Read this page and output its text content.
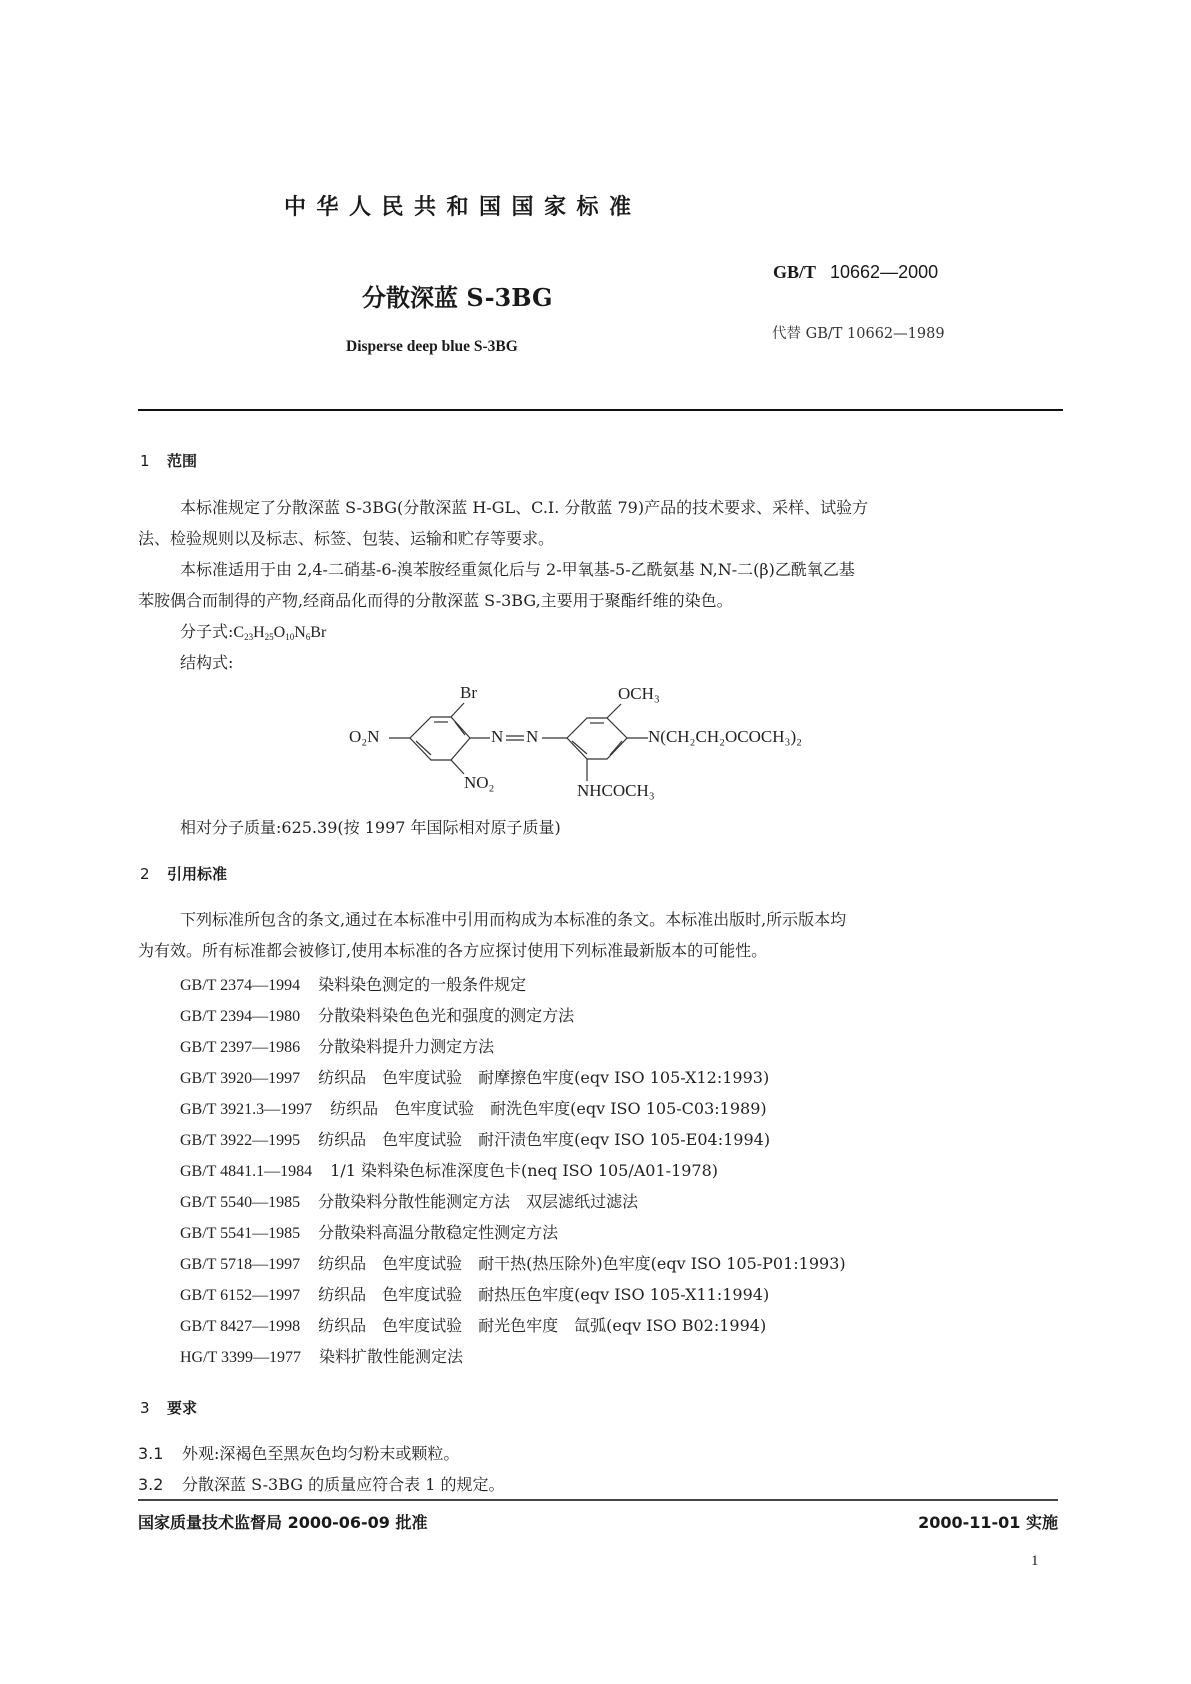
中华人民共和国国家标准
分散深蓝 S-3BG
Disperse deep blue S-3BG
GB/T 10662—2000
代替 GB/T 10662—1989
1 范围
本标准规定了分散深蓝 S-3BG(分散深蓝 H-GL、C.I. 分散蓝 79)产品的技术要求、采样、试验方
法、检验规则以及标志、标签、包装、运输和贮存等要求。
本标准适用于由 2,4-二硝基-6-溴苯胺经重氮化后与 2-甲氧基-5-乙酰氨基 N,N-二(β)乙酰氧乙基
苯胺偶合而制得的产物,经商品化而得的分散深蓝 S-3BG,主要用于聚酯纤维的染色。
分子式$:C_{23}H_{25}O_{10}N_6Br$
结构式:
O₂N
Br
NO₂
N N
OCH₃
NHCOCH₃
N(CH₂CH₂OCOCH₃)₂
相对分子质量:625.39(按 1997 年国际相对原子质量)
2 引用标准
下列标准所包含的条文,通过在本标准中引用而构成为本标准的条文。本标准出版时,所示版本均
为有效。所有标准都会被修订,使用本标准的各方应探讨使用下列标准最新版本的可能性。
GB/T 2374—1994 染料染色测定的一般条件规定
GB/T 2394—1980 分散染料染色色光和强度的测定方法
GB/T 2397—1986 分散染料提升力测定方法
GB/T 3920—1997 纺织品　色牢度试验　耐摩擦色牢度(eqv ISO 105-X12:1993)
GB/T 3921.3—1997 纺织品　色牢度试验　耐洗色牢度(eqv ISO 105-C03:1989)
GB/T 3922—1995 纺织品　色牢度试验　耐汗渍色牢度(eqv ISO 105-E04:1994)
GB/T 4841.1—1984 1/1 染料染色标准深度色卡(neq ISO 105/A01-1978)
GB/T 5540—1985 分散染料分散性能测定方法　双层滤纸过滤法
GB/T 5541—1985 分散染料高温分散稳定性测定方法
GB/T 5718—1997 纺织品　色牢度试验　耐干热(热压除外)色牢度(eqv ISO 105-P01:1993)
GB/T 6152—1997 纺织品　色牢度试验　耐热压色牢度(eqv ISO 105-X11:1994)
GB/T 8427—1998 纺织品　色牢度试验　耐光色牢度　氙弧(eqv ISO B02:1994)
HG/T 3399—1977 染料扩散性能测定法
3 要求
3.1 外观:深褐色至黑灰色均匀粉末或颗粒。
3.2 分散深蓝 S-3BG 的质量应符合表 1 的规定。
国家质量技术监督局 2000-06-09 批准	2000-11-01 实施
1
